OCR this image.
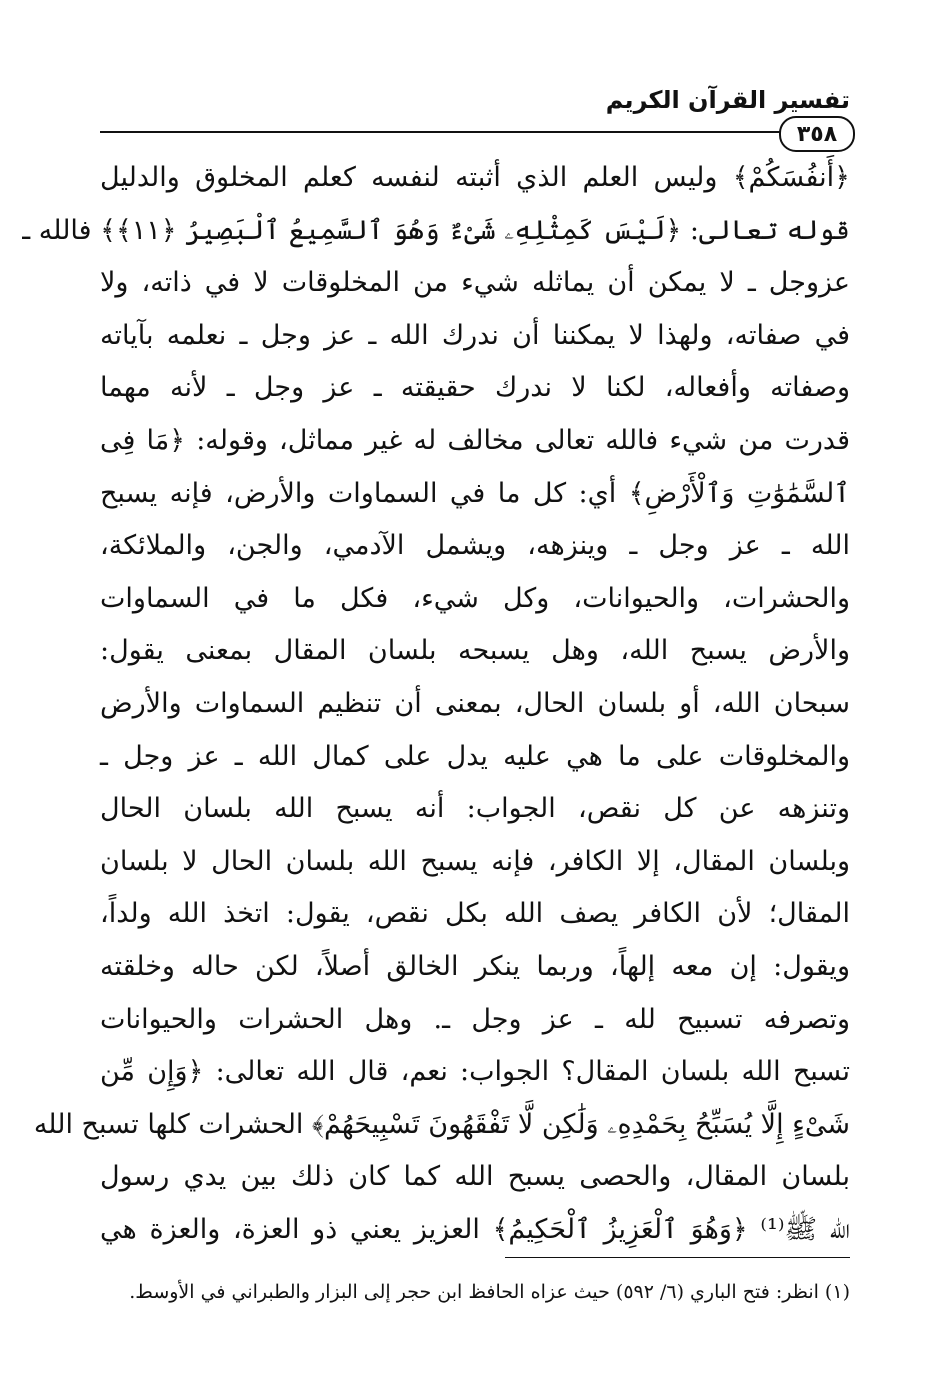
تفسير القرآن الكريم
٣٥٨
﴿أَنفُسَكُمْ﴾ وليس العلم الذي أثبته لنفسه كعلم المخلوق والدليل
قوله تعالى: ﴿لَيْسَ كَمِثْلِهِۦ شَىْءٌ وَهُوَ ٱلسَّمِيعُ ٱلْبَصِيرُ ﴿١١﴾﴾ فالله ـ
عزوجل ـ لا يمكن أن يماثله شيء من المخلوقات لا في ذاته، ولا
في صفاته، ولهذا لا يمكننا أن ندرك الله ـ عز وجل ـ نعلمه بآياته
وصفاته وأفعاله، لكنا لا ندرك حقيقته ـ عز وجل ـ لأنه مهما
قدرت من شيء فالله تعالى مخالف له غير مماثل، وقوله: ﴿مَا فِى
ٱلسَّمَٰوَٰتِ وَٱلْأَرْضِ﴾ أي: كل ما في السماوات والأرض، فإنه يسبح
الله ـ عز وجل ـ وينزهه، ويشمل الآدمي، والجن، والملائكة،
والحشرات، والحيوانات، وكل شيء، فكل ما في السماوات
والأرض يسبح الله، وهل يسبحه بلسان المقال بمعنى يقول:
سبحان الله، أو بلسان الحال، بمعنى أن تنظيم السماوات والأرض
والمخلوقات على ما هي عليه يدل على كمال الله ـ عز وجل ـ
وتنزهه عن كل نقص، الجواب: أنه يسبح الله بلسان الحال
وبلسان المقال، إلا الكافر، فإنه يسبح الله بلسان الحال لا بلسان
المقال؛ لأن الكافر يصف الله بكل نقص، يقول: اتخذ الله ولداً،
ويقول: إن معه إلهاً، وربما ينكر الخالق أصلاً، لكن حاله وخلقته
وتصرفه تسبيح لله ـ عز وجل ـ. وهل الحشرات والحيوانات
تسبح الله بلسان المقال؟ الجواب: نعم، قال الله تعالى: ﴿وَإِن مِّن
شَىْءٍ إِلَّا يُسَبِّحُ بِحَمْدِهِۦ وَلَٰكِن لَّا تَفْقَهُونَ تَسْبِيحَهُمْ﴾ الحشرات كلها تسبح الله
بلسان المقال، والحصى يسبح الله كما كان ذلك بين يدي رسول
الله ﷺ⁽¹⁾ ﴿وَهُوَ ٱلْعَزِيزُ ٱلْحَكِيمُ﴾ العزيز يعني ذو العزة، والعزة هي
(١) انظر: فتح الباري (٦/ ٥٩٢) حيث عزاه الحافظ ابن حجر إلى البزار والطبراني في الأوسط.
